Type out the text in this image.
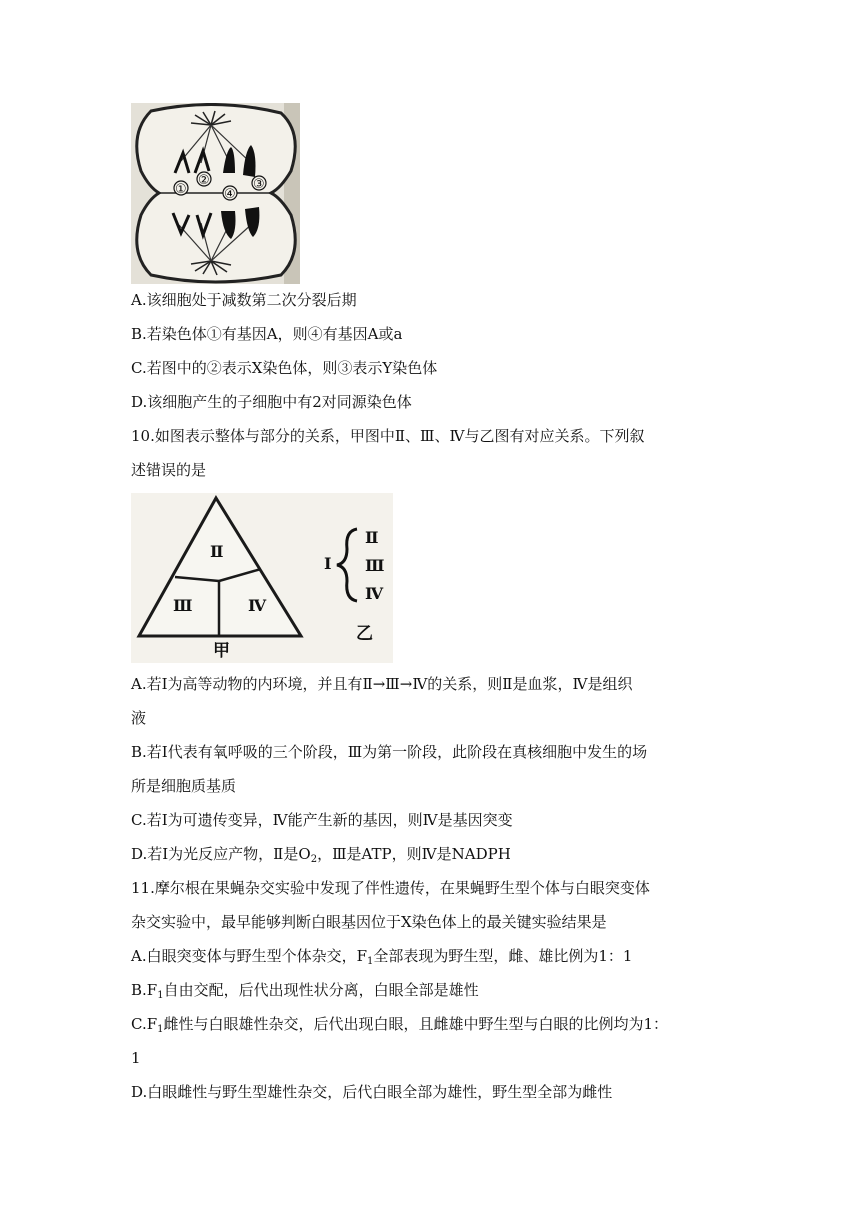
①
②	③
④
A.该细胞处于减数第二次分裂后期
B.若染色体①有基因A，则④有基因A或a
C.若图中的②表示X染色体，则③表示Y染色体
D.该细胞产生的子细胞中有2对同源染色体
10.如图表示整体与部分的关系，甲图中Ⅱ、Ⅲ、Ⅳ与乙图有对应关系。下列叙
述错误的是
Ⅱ
Ⅲ	Ⅳ
甲
Ⅰ
Ⅱ
Ⅲ
Ⅳ
乙
A.若Ⅰ为高等动物的内环境，并且有Ⅱ→Ⅲ→Ⅳ的关系，则Ⅱ是血浆，Ⅳ是组织
液
B.若Ⅰ代表有氧呼吸的三个阶段，Ⅲ为第一阶段，此阶段在真核细胞中发生的场
所是细胞质基质
C.若Ⅰ为可遗传变异，Ⅳ能产生新的基因，则Ⅳ是基因突变
D.若Ⅰ为光反应产物，Ⅱ是$O_2$，Ⅲ是ATP，则Ⅳ是NADPH
11.摩尔根在果蝇杂交实验中发现了伴性遗传，在果蝇野生型个体与白眼突变体
杂交实验中，最早能够判断白眼基因位于X染色体上的最关键实验结果是
A.白眼突变体与野生型个体杂交，$F_1$全部表现为野生型，雌、雄比例为1：1
$B.F_1$自由交配，后代出现性状分离，白眼全部是雄性
$C.F_1$雌性与白眼雄性杂交，后代出现白眼，且雌雄中野生型与白眼的比例均为1：
1
D.白眼雌性与野生型雄性杂交，后代白眼全部为雄性，野生型全部为雌性
